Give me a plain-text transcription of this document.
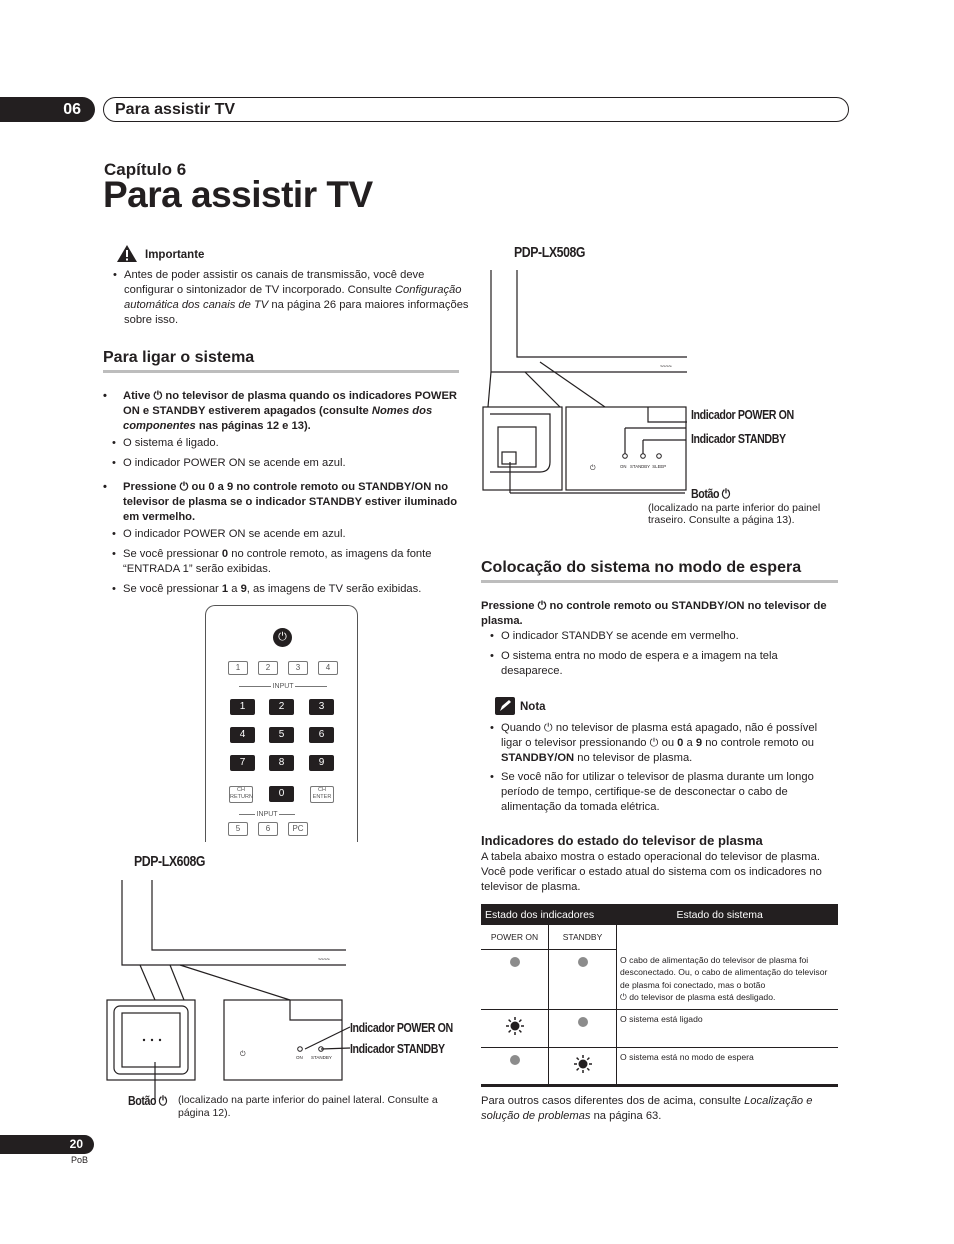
06	Para assistir TV
Capítulo 6
Para assistir TV
Importante
• Antes de poder assistir os canais de transmissão, você deve configurar o sintonizador de TV incorporado. Consulte Configuração automática dos canais de TV na página 26 para maiores informações sobre isso.
Para ligar o sistema
• Ative ⏻ no televisor de plasma quando os indicadores POWER ON e STANDBY estiverem apagados (consulte Nomes dos componentes nas páginas 12 e 13).
• O sistema é ligado.
• O indicador POWER ON se acende em azul.
• Pressione ⏻ ou 0 a 9 no controle remoto ou STANDBY/ON no televisor de plasma se o indicador STANDBY estiver iluminado em vermelho.
• O indicador POWER ON se acende em azul.
• Se você pressionar 0 no controle remoto, as imagens da fonte “ENTRADA 1” serão exibidas.
• Se você pressionar 1 a 9, as imagens de TV serão exibidas.
⏻
1	2	3	4
INPUT
1	2	3
4	5	6
7	8	9
CH RETURN	0	CH ENTER
INPUT
5	6	PC
PDP-LX608G
⏻	ON STANDBY
~~~~
Indicador POWER ON
Indicador STANDBY
Botão ⏻ (localizado na parte inferior do painel lateral. Consulte a página 12).
PDP-LX508G
⏻	ON   STANDBY  SLEEP
~~~~
Indicador POWER ON
Indicador STANDBY
Botão ⏻
(localizado na parte inferior do painel traseiro. Consulte a página 13).
Colocação do sistema no modo de espera
Pressione ⏻ no controle remoto ou STANDBY/ON no televisor de plasma.
• O indicador STANDBY se acende em vermelho.
• O sistema entra no modo de espera e a imagem na tela desaparece.
Nota
• Quando ⏻ no televisor de plasma está apagado, não é possível ligar o televisor pressionando ⏻ ou 0 a 9 no controle remoto ou STANDBY/ON no televisor de plasma.
• Se você não for utilizar o televisor de plasma durante um longo período de tempo, certifique-se de desconectar o cabo de alimentação da tomada elétrica.
Indicadores do estado do televisor de plasma
A tabela abaixo mostra o estado operacional do televisor de plasma. Você pode verificar o estado atual do sistema com os indicadores no televisor de plasma.
Estado dos indicadores		Estado do sistema
POWER ON	STANDBY	
		O cabo de alimentação do televisor de plasma foi desconectado. Ou, o cabo de alimentação do televisor de plasma foi conectado, mas o botão
⏻ do televisor de plasma está desligado.
		O sistema está ligado
		O sistema está no modo de espera
Para outros casos diferentes dos de acima, consulte Localização e solução de problemas na página 63.
20
PoB
